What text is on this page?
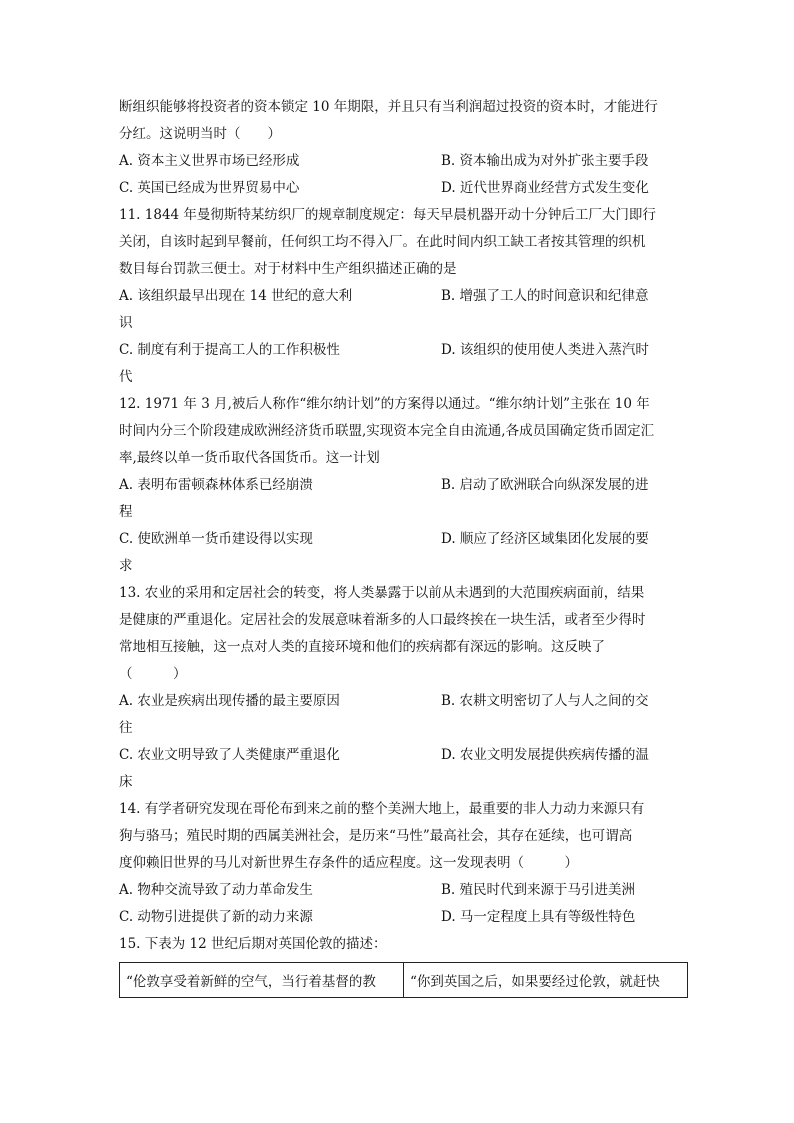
断组织能够将投资者的资本锁定 10 年期限，并且只有当利润超过投资的资本时，才能进行
分红。这说明当时（　　）
A. 资本主义世界市场已经形成	B. 资本输出成为对外扩张主要手段
C. 英国已经成为世界贸易中心	D. 近代世界商业经营方式发生变化
11. 1844 年曼彻斯特某纺织厂的规章制度规定：每天早晨机器开动十分钟后工厂大门即行
关闭，自该时起到早餐前，任何织工均不得入厂。在此时间内织工缺工者按其管理的织机
数目每台罚款三便士。对于材料中生产组织描述正确的是
A. 该组织最早出现在 14 世纪的意大利	B. 增强了工人的时间意识和纪律意
识
C. 制度有利于提高工人的工作积极性	D. 该组织的使用使人类进入蒸汽时
代
12. 1971 年 3 月,被后人称作“维尔纳计划”的方案得以通过。“维尔纳计划”主张在 10 年
时间内分三个阶段建成欧洲经济货币联盟,实现资本完全自由流通,各成员国确定货币固定汇
率,最终以单一货币取代各国货币。这一计划
A. 表明布雷顿森林体系已经崩溃	B. 启动了欧洲联合向纵深发展的进
程
C. 使欧洲单一货币建设得以实现	D. 顺应了经济区域集团化发展的要
求
13. 农业的采用和定居社会的转变，将人类暴露于以前从未遇到的大范围疾病面前，结果
是健康的严重退化。定居社会的发展意味着渐多的人口最终挨在一块生活，或者至少得时
常地相互接触，这一点对人类的直接环境和他们的疾病都有深远的影响。这反映了
（　　　）
A. 农业是疾病出现传播的最主要原因	B. 农耕文明密切了人与人之间的交
往
C. 农业文明导致了人类健康严重退化	D. 农业文明发展提供疾病传播的温
床
14. 有学者研究发现在哥伦布到来之前的整个美洲大地上，最重要的非人力动力来源只有
狗与骆马；殖民时期的西属美洲社会，是历来“马性”最高社会，其存在延续，也可谓高
度仰赖旧世界的马儿对新世界生存条件的适应程度。这一发现表明（　　　）
A. 物种交流导致了动力革命发生	B. 殖民时代到来源于马引进美洲
C. 动物引进提供了新的动力来源	D. 马一定程度上具有等级性特色
15. 下表为 12 世纪后期对英国伦敦的描述：
“伦敦享受着新鲜的空气，当行着基督的教	“你到英国之后，如果要经过伦敦，就赶快
